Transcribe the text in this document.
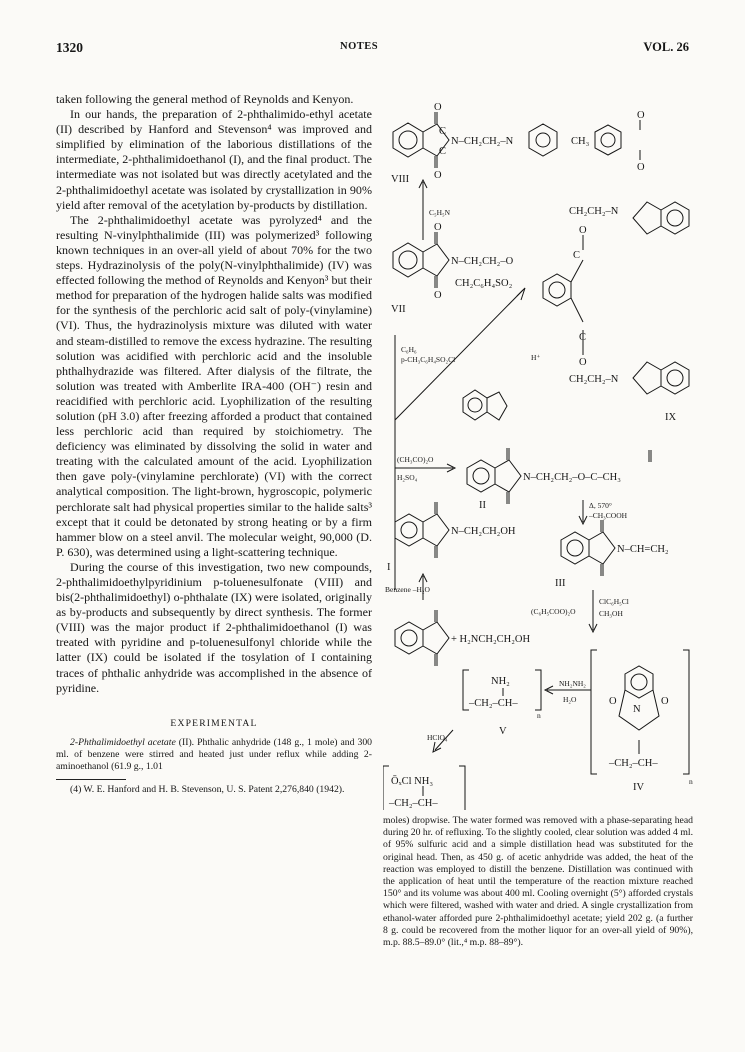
1320	NOTES	VOL. 26

taken following the general method of Reynolds and Kenyon.

In our hands, the preparation of 2-phthalimido-ethyl acetate (II) described by Hanford and Stevenson⁴ was improved and simplified by elimination of the laborious distillations of the intermediate, 2-phthalimidoethanol (I), and the final product. The intermediate was not isolated but was directly acetylated and the 2-phthalimidoethyl acetate was isolated by crystallization in 90% yield after removal of the acetylation by-products by distillation.

The 2-phthalimidoethyl acetate was pyrolyzed⁴ and the resulting N-vinylphthalimide (III) was polymerized³ following known techniques in an over-all yield of about 70% for the two steps. Hydrazinolysis of the poly(N-vinylphthalimide) (IV) was effected following the method of Reynolds and Kenyon³ but their method for preparation of the hydrogen halide salts was modified for the synthesis of the perchloric acid salt of poly-(vinylamine) (VI). Thus, the hydrazinolysis mixture was diluted with water and steam-distilled to remove the excess hydrazine. The resulting solution was acidified with perchloric acid and the insoluble phthalhydrazide was filtered. After dialysis of the filtrate, the solution was treated with Amberlite IRA-400 (OH⁻) resin and reacidified with perchloric acid. Lyophilization of the resulting solution (pH 3.0) after freezing afforded a product that contained less perchloric acid than required by stoichiometry. The deficiency was eliminated by dissolving the solid in water and treating with the calculated amount of the acid. Lyophilization then gave poly-(vinylamine perchlorate) (VI) with the correct analytical composition. The light-brown, hygroscopic, polymeric perchlorate salt had physical properties similar to the halide salts³ except that it could be detonated by strong heating or by a firm hammer blow on a steel anvil. The molecular weight, 90,000 (D. P. 630), was determined using a light-scattering technique.

During the course of this investigation, two new compounds, 2-phthalimidoethylpyridinium p-toluenesulfonate (VIII) and bis(2-phthalimidoethyl) o-phthalate (IX) were isolated, originally as by-products and subsequently by direct synthesis. The former (VIII) was the major product if 2-phthalimidoethanol (I) was treated with pyridine and p-toluenesulfonyl chloride while the latter (IX) could be isolated if the tosylation of I containing traces of phthalic anhydride was accomplished in the absence of pyridine.

EXPERIMENTAL

2-Phthalimidoethyl acetate (II). Phthalic anhydride (148 g., 1 mole) and 300 ml. of benzene were stirred and heated just under reflux while adding 2-aminoethanol (61.9 g., 1.01

(4) W. E. Hanford and H. B. Stevenson, U. S. Patent 2,276,840 (1942).

moles) dropwise. The water formed was removed with a phase-separating head during 20 hr. of refluxing. To the slightly cooled, clear solution was added 4 ml. of 95% sulfuric acid and a simple distillation head was substituted for the original head. Then, as 450 g. of acetic anhydride was added, the heat of the reaction was employed to distill the benzene. Distillation was continued with the application of heat until the temperature of the reaction mixture reached 150° and its volume was about 400 ml. Cooling overnight (5°) afforded crystals which were filtered, washed with water and dried. A single crystallization from ethanol-water afforded pure 2-phthalimidoethyl acetate; yield 202 g. (a further 8 g. could be recovered from the mother liquor for an over-all yield of 90%), m.p. 88.5–89.0° (lit.,⁴ m.p. 88–89°).

O
C
N–CH₂CH₂–N
C
O
CH₃
O
O
VIII
C₅H₅N
O
N–CH₂CH₂–O
CH₂C₆H₄SO₂
O
VII
CH₂CH₂–N
O
C
C
O
CH₂CH₂–N
IX
C₆H₆
p-CH₃C₆H₄SO₂Cl	H⁺
(CH₃CO)₂O
H₂SO₄	N–CH₂CH₂–O–C–CH₃
II	Δ, 570°
–CH₃COOH
N–CH₂CH₂OH
I
N–CH=CH₂
III
Benzene –H₂O
(C₆H₅COO)₂O
ClC₆H₅Cl
CH₃OH
+ H₂NCH₂CH₂OH
NH₂
–CH₂–CH–
n
NH₂NH₂
H₂O
V
N
O	O
–CH₂–CH–
n
IV
HClO₄
ŌₓCl NH₃
–CH₂–CH–
